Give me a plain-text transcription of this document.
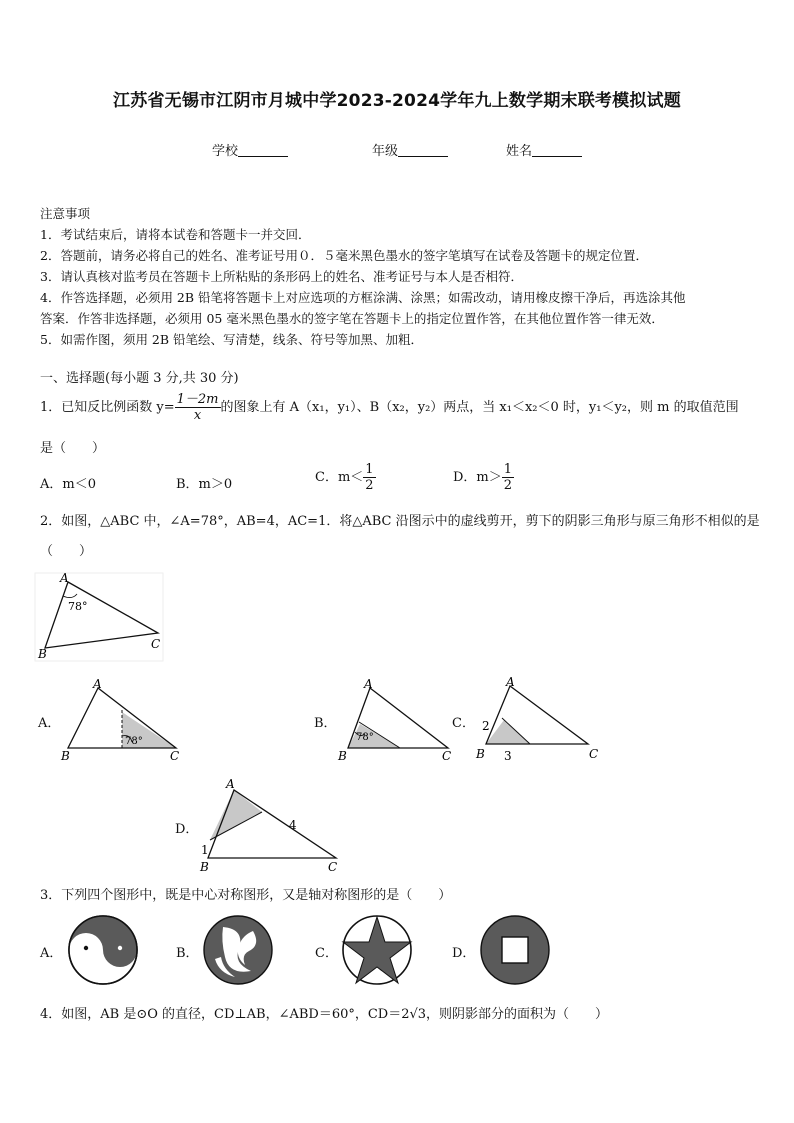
江苏省无锡市江阴市月城中学2023-2024学年九上数学期末联考模拟试题
学校	年级	姓名
注意事项
1．考试结束后，请将本试卷和答题卡一并交回．
2．答题前，请务必将自己的姓名、准考证号用０．５毫米黑色墨水的签字笔填写在试卷及答题卡的规定位置．
3．请认真核对监考员在答题卡上所粘贴的条形码上的姓名、准考证号与本人是否相符．
4．作答选择题，必须用 2B 铅笔将答题卡上对应选项的方框涂满、涂黑；如需改动，请用橡皮擦干净后，再选涂其他
答案．作答非选择题，必须用 05 毫米黑色墨水的签字笔在答题卡上的指定位置作答，在其他位置作答一律无效．
5．如需作图，须用 2B 铅笔绘、写清楚，线条、符号等加黑、加粗．
一、选择题(每小题 3 分,共 30 分)
1．已知反比例函数 $y= \frac{1-2m}{x}$ 的图象上有 A（x₁，y₁）、B（x₂，y₂）两点，当 x₁＜x₂＜0 时，y₁＜y₂，则 m 的取值范围
是（　　）
A．m＜0	B．m＞0	C．$m< \frac{1}{2}$	D．$m> \frac{1}{2}$
2．如图，△ABC 中，∠A=78°，AB=4，AC=1．将△ABC 沿图示中的虚线剪开，剪下的阴影三角形与原三角形不相似的是
（　　）
78°
A
B
C
A．
78°
A
B	C
B．
78°
A
B	C
C．
A
B	C
2
3
D．
A
B	C
4
1
3．下列四个图形中，既是中心对称图形，又是轴对称图形的是（　　）
A．	B．	C．	D．
4．如图，AB 是⊙O 的直径，CD⊥AB，∠ABD＝60°，CD＝2√3，则阴影部分的面积为（　　）
